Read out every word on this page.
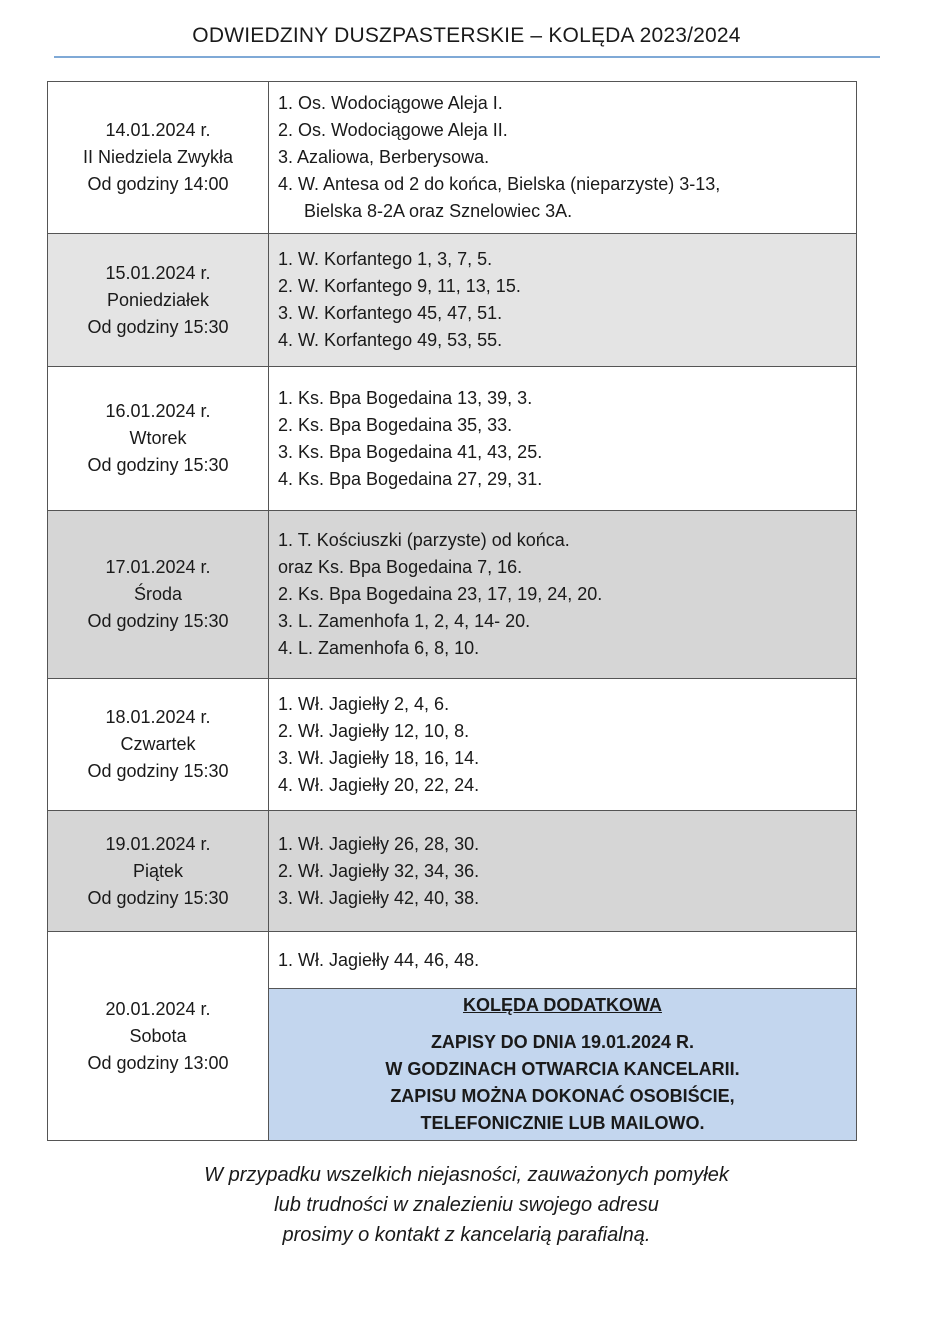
ODWIEDZINY DUSZPASTERSKIE – KOLĘDA 2023/2024
14.01.2024 r.
II Niedziela Zwykła
Od godziny 14:00	1. Os. Wodociągowe Aleja I.
2. Os. Wodociągowe Aleja II.
3. Azaliowa, Berberysowa.
4. W. Antesa od 2 do końca, Bielska (nieparzyste) 3-13,
Bielska 8-2A oraz Sznelowiec 3A.

15.01.2024 r.
Poniedziałek
Od godziny 15:30	1. W. Korfantego 1, 3, 7, 5.
2. W. Korfantego 9, 11, 13, 15.
3. W. Korfantego 45, 47, 51.
4. W. Korfantego 49, 53, 55.

16.01.2024 r.
Wtorek
Od godziny 15:30	1. Ks. Bpa Bogedaina 13, 39, 3.
2. Ks. Bpa Bogedaina 35, 33.
3. Ks. Bpa Bogedaina 41, 43, 25.
4. Ks. Bpa Bogedaina 27, 29, 31.

17.01.2024 r.
Środa
Od godziny 15:30	1. T. Kościuszki (parzyste) od końca.
oraz Ks. Bpa Bogedaina 7, 16.
2. Ks. Bpa Bogedaina 23, 17, 19, 24, 20.
3. L. Zamenhofa 1, 2, 4, 14- 20.
4. L. Zamenhofa 6, 8, 10.

18.01.2024 r.
Czwartek
Od godziny 15:30	1. Wł. Jagiełły 2, 4, 6.
2. Wł. Jagiełły 12, 10, 8.
3. Wł. Jagiełły 18, 16, 14.
4. Wł. Jagiełły 20, 22, 24.

19.01.2024 r.
Piątek
Od godziny 15:30	1. Wł. Jagiełły 26, 28, 30.
2. Wł. Jagiełły 32, 34, 36.
3. Wł. Jagiełły 42, 40, 38.

20.01.2024 r.
Sobota
Od godziny 13:00	1. Wł. Jagiełły 44, 46, 48.

	KOLĘDA DODATKOWA
ZAPISY DO DNIA 19.01.2024 R.
W GODZINACH OTWARCIA KANCELARII.
ZAPISU MOŻNA DOKONAĆ OSOBIŚCIE,
TELEFONICZNIE LUB MAILOWO.
W przypadku wszelkich niejasności, zauważonych pomyłek
lub trudności w znalezieniu swojego adresu
prosimy o kontakt z kancelarią parafialną.
